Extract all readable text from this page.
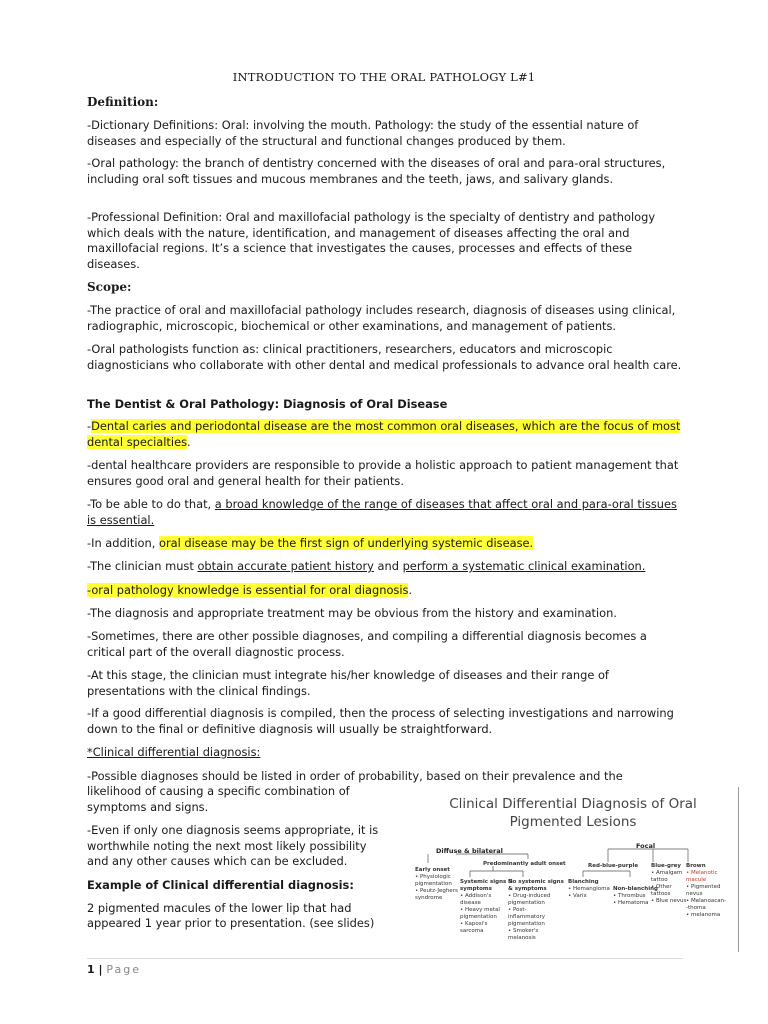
INTRODUCTION TO THE ORAL PATHOLOGY L#1
Definition:
-Dictionary Definitions: Oral: involving the mouth. Pathology: the study of the essential nature of diseases and especially of the structural and functional changes produced by them.
-Oral pathology: the branch of dentistry concerned with the diseases of oral and para-oral structures, including oral soft tissues and mucous membranes and the teeth, jaws, and salivary glands.
-Professional Definition: Oral and maxillofacial pathology is the specialty of dentistry and pathology which deals with the nature, identification, and management of diseases affecting the oral and maxillofacial regions. It’s a science that investigates the causes, processes and effects of these diseases.
Scope:
-The practice of oral and maxillofacial pathology includes research, diagnosis of diseases using clinical, radiographic, microscopic, biochemical or other examinations, and management of patients.
-Oral pathologists function as: clinical practitioners, researchers, educators and microscopic diagnosticians who collaborate with other dental and medical professionals to advance oral health care.
The Dentist & Oral Pathology: Diagnosis of Oral Disease
-Dental caries and periodontal disease are the most common oral diseases, which are the focus of most dental specialties.
-dental healthcare providers are responsible to provide a holistic approach to patient management that ensures good oral and general health for their patients.
-To be able to do that, a broad knowledge of the range of diseases that affect oral and para-oral tissues is essential.
-In addition, oral disease may be the first sign of underlying systemic disease.
-The clinician must obtain accurate patient history and perform a systematic clinical examination.
-oral pathology knowledge is essential for oral diagnosis.
-The diagnosis and appropriate treatment may be obvious from the history and examination.
-Sometimes, there are other possible diagnoses, and compiling a differential diagnosis becomes a critical part of the overall diagnostic process.
-At this stage, the clinician must integrate his/her knowledge of diseases and their range of presentations with the clinical findings.
-If a good differential diagnosis is compiled, then the process of selecting investigations and narrowing down to the final or definitive diagnosis will usually be straightforward.
*Clinical differential diagnosis:
-Possible diagnoses should be listed in order of probability, based on their prevalence and the
likelihood of causing a specific combination of
symptoms and signs.
-Even if only one diagnosis seems appropriate, it is
worthwhile noting the next most likely possibility
and any other causes which can be excluded.
Example of Clinical differential diagnosis:
2 pigmented macules of the lower lip that had
appeared 1 year prior to presentation. (see slides)
Clinical Differential Diagnosis of Oral
Pigmented Lesions
Diffuse & bilateral
Focal
Early onset
• Physiologic
pigmentation
• Peutz-Jeghers
syndrome
Predominantly adult onset
Systemic signs &
symptoms
• Addison's
disease
• Heavy metal
pigmentation
• Kaposi's
sarcoma
No systemic signs
& symptoms
• Drug-induced
pigmentation
• Post-
inflammatory
pigmentation
• Smoker's
melanosis
Red-blue-purple
Blanching
• Hemangioma
• Varix
Non-blanching
• Thrombus
• Hematoma
Blue-grey
• Amalgam
tattoo
• Other
tattoos
• Blue nevus
Brown
• Melanotic
macule
• Pigmented
nevus
• Melanoacan-
-thoma
• melanoma
1 | Page
